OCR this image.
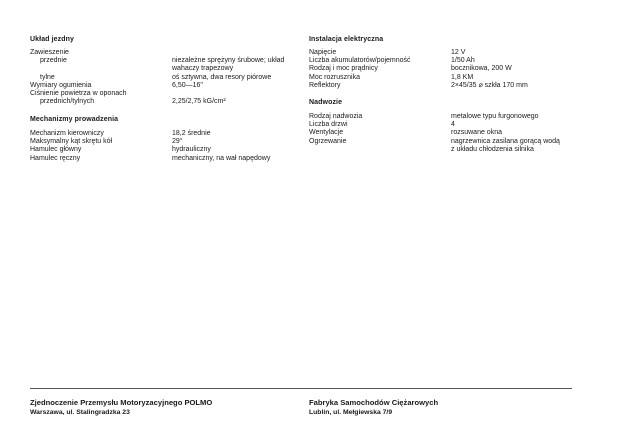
Układ jezdny
Zawieszenie
przednie
tylne
Wymiary ogumienia
Ciśnienie powietrza w oponach
przednich/tylnych
niezależne sprężyny śrubowe; układ
wahaczy trapezowy
oś sztywna, dwa resory piórowe
6,50—16"
2,25/2,75 kG/cm²
Mechanizmy prowadzenia
Mechanizm kierowniczy
Maksymalny kąt skrętu kół
Hamulec główny
Hamulec ręczny
18,2 średnie
29°
hydrauliczny
mechaniczny, na wał napędowy
Instalacja elektryczna
Napięcie
Liczba akumulatorów/pojemność
Rodzaj i moc prądnicy
Moc rozrusznika
Reflektory
12 V
1/50 Ah
bocznikowa, 200 W
1,8 KM
2×45/35 ⌀ szkła 170 mm
Nadwozie
Rodzaj nadwozia
Liczba drzwi
Wentylacje
Ogrzewanie
metalowe typu furgonowego
4
rozsuwane okna
nagrzewnica zasilana gorącą wodą
z układu chłodzenia silnika
Zjednoczenie Przemysłu Motoryzacyjnego POLMO
Warszawa, ul. Stalingradzka 23
Fabryka Samochodów Ciężarowych
Lublin, ul. Mełgiewska 7/9
